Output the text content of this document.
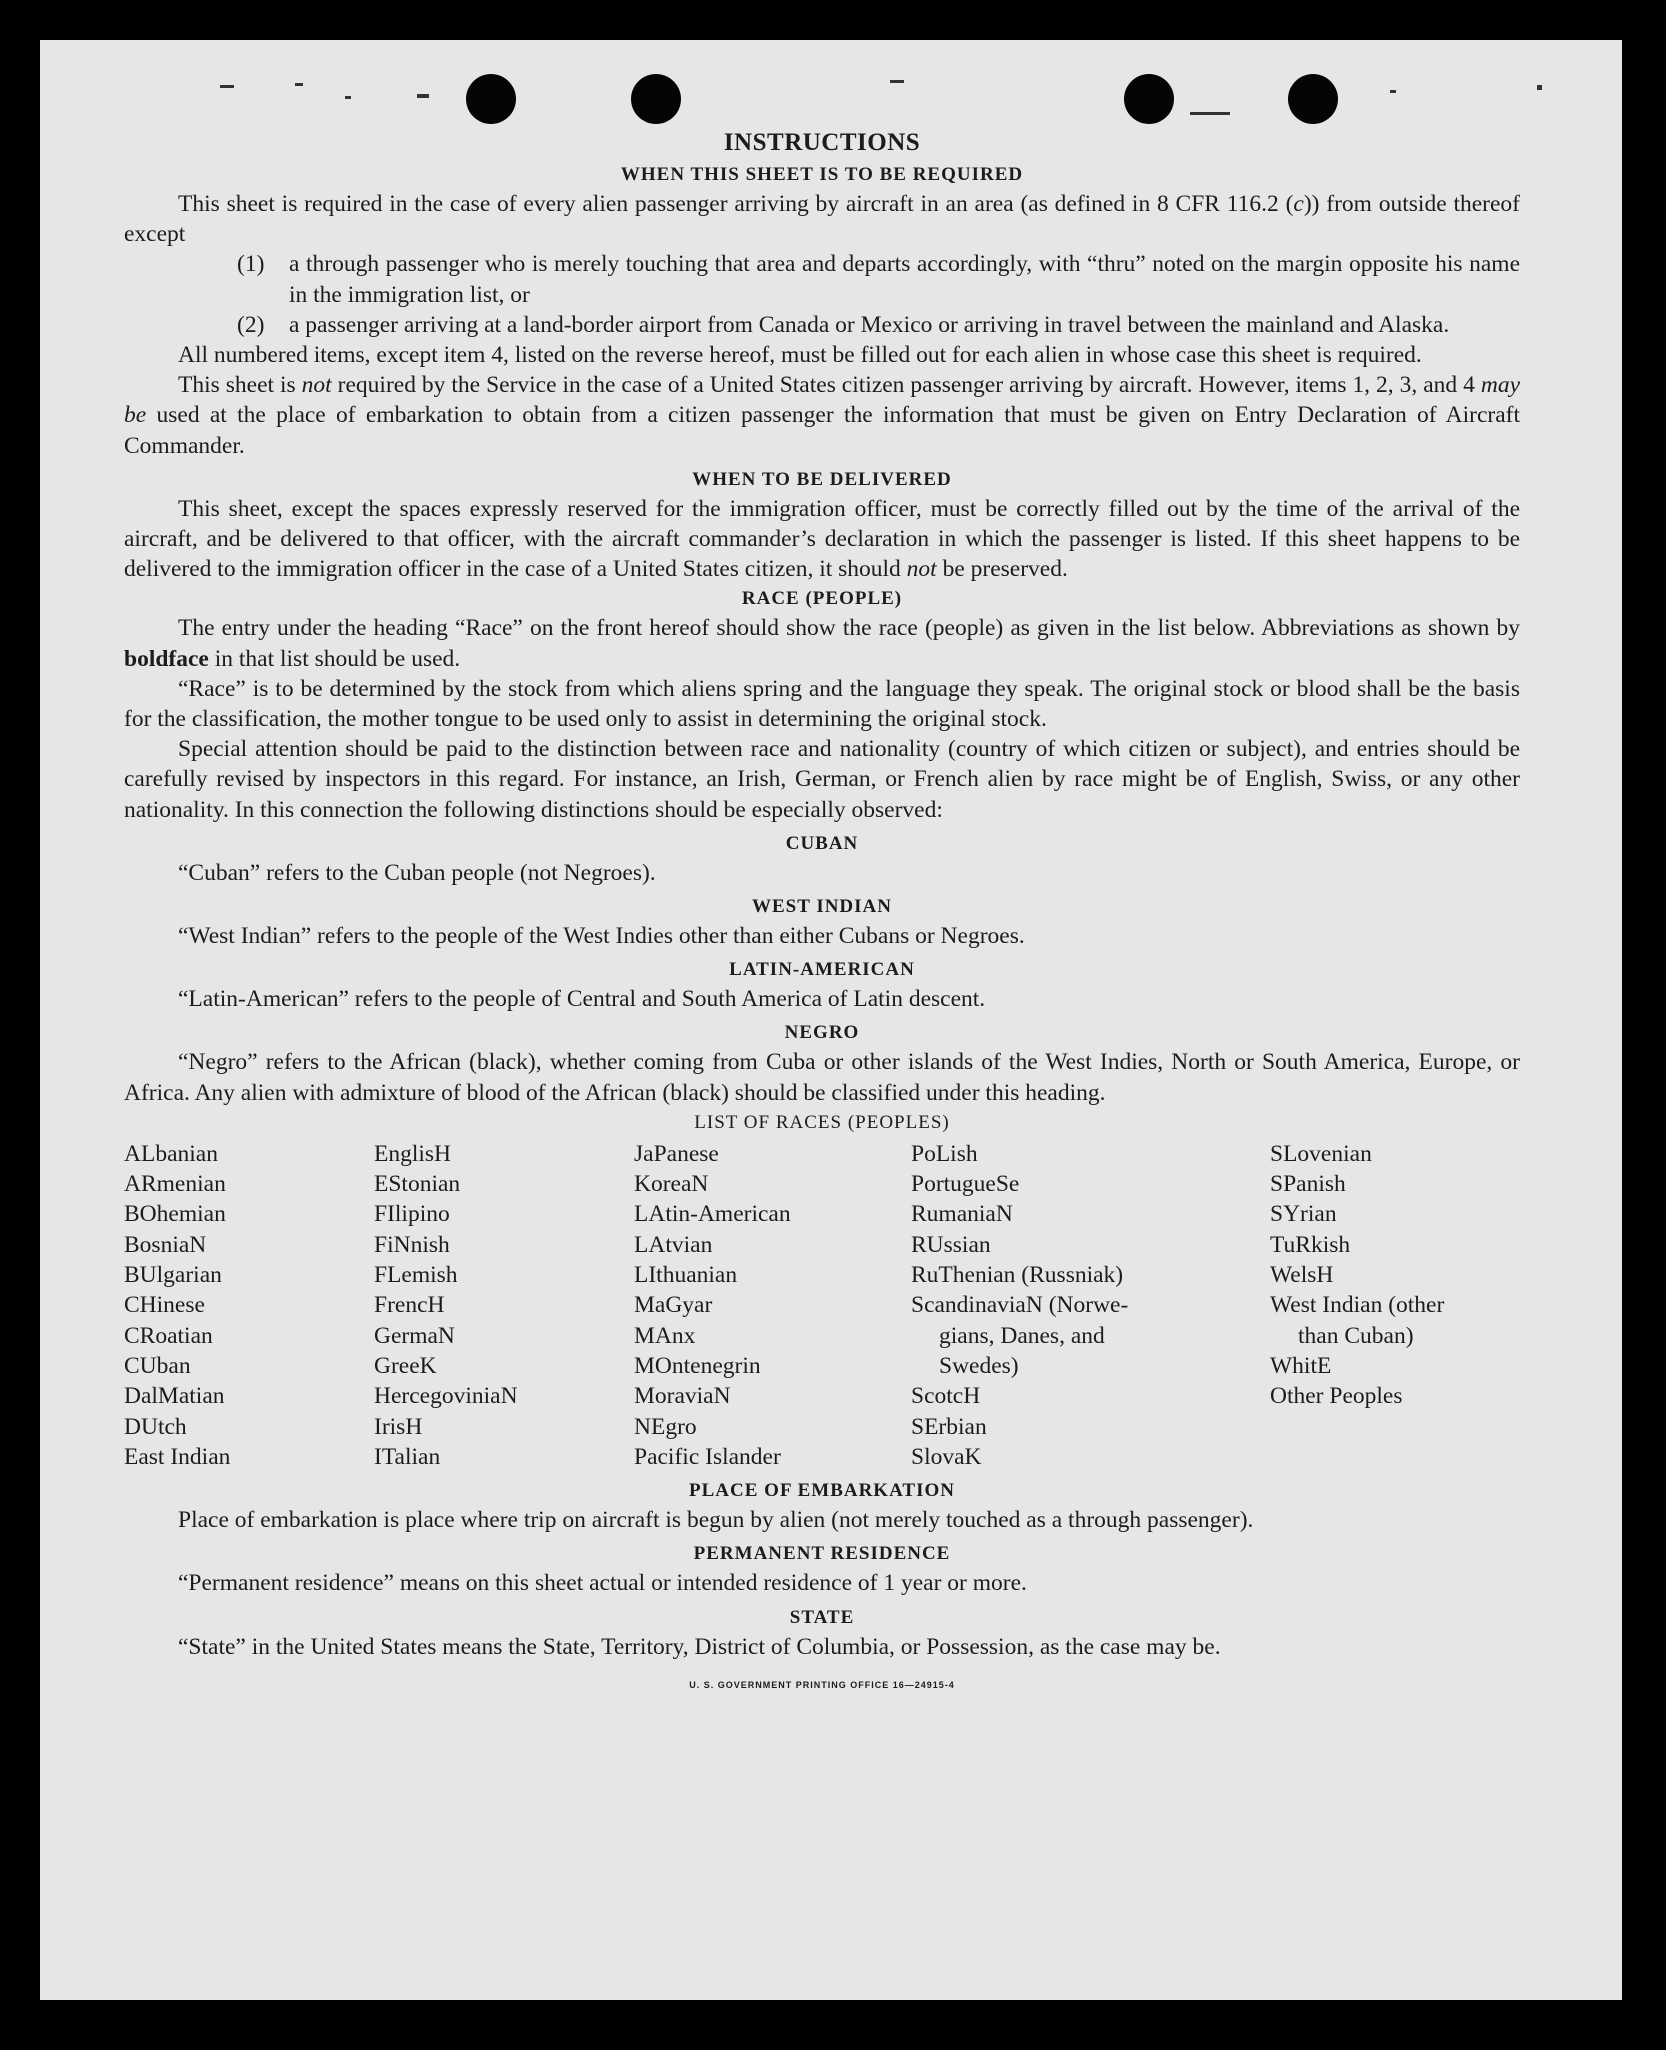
INSTRUCTIONS
WHEN THIS SHEET IS TO BE REQUIRED

This sheet is required in the case of every alien passenger arriving by aircraft in an area (as defined in 8 CFR 116.2 (c)) from outside thereof except

(1)	a through passenger who is merely touching that area and departs accordingly, with “thru” noted on the margin opposite his name in the immigration list, or
(2)	a passenger arriving at a land-border airport from Canada or Mexico or arriving in travel between the mainland and Alaska.

All numbered items, except item 4, listed on the reverse hereof, must be filled out for each alien in whose case this sheet is required.

This sheet is not required by the Service in the case of a United States citizen passenger arriving by aircraft. However, items 1, 2, 3, and 4 may be used at the place of embarkation to obtain from a citizen passenger the information that must be given on Entry Declaration of Aircraft Commander.

WHEN TO BE DELIVERED

This sheet, except the spaces expressly reserved for the immigration officer, must be correctly filled out by the time of the arrival of the aircraft, and be delivered to that officer, with the aircraft commander’s declaration in which the passenger is listed. If this sheet happens to be delivered to the immigration officer in the case of a United States citizen, it should not be preserved.

RACE (PEOPLE)

The entry under the heading “Race” on the front hereof should show the race (people) as given in the list below. Abbreviations as shown by boldface in that list should be used.

“Race” is to be determined by the stock from which aliens spring and the language they speak. The original stock or blood shall be the basis for the classification, the mother tongue to be used only to assist in determining the original stock.

Special attention should be paid to the distinction between race and nationality (country of which citizen or subject), and entries should be carefully revised by inspectors in this regard. For instance, an Irish, German, or French alien by race might be of English, Swiss, or any other nationality. In this connection the following distinctions should be especially observed:

CUBAN

“Cuban” refers to the Cuban people (not Negroes).

WEST INDIAN

“West Indian” refers to the people of the West Indies other than either Cubans or Negroes.

LATIN-AMERICAN

“Latin-American” refers to the people of Central and South America of Latin descent.

NEGRO

“Negro” refers to the African (black), whether coming from Cuba or other islands of the West Indies, North or South America, Europe, or Africa. Any alien with admixture of blood of the African (black) should be classified under this heading.

LIST OF RACES (PEOPLES)
ALbanian	EnglisH	JaPanese	PoLish	SLovenian
ARmenian	EStonian	KoreaN	PortugueSe	SPanish
BOhemian	FIlipino	LAtin-American	RumaniaN	SYrian
BosniaN	FiNnish	LAtvian	RUssian	TuRkish
BUlgarian	FLemish	LIthuanian	RuThenian (Russniak)	WelsH
CHinese	FrencH	MaGyar	ScandinaviaN (Norwe-	West Indian (other
CRoatian	GermaN	MAnx	gians, Danes, and	than Cuban)
CUban	GreeK	MOntenegrin	Swedes)	WhitE
DalMatian	HercegoviniaN	MoraviaN	ScotcH	Other Peoples
DUtch	IrisH	NEgro	SErbian
East Indian	ITalian	Pacific Islander	SlovaK
PLACE OF EMBARKATION

Place of embarkation is place where trip on aircraft is begun by alien (not merely touched as a through passenger).

PERMANENT RESIDENCE

“Permanent residence” means on this sheet actual or intended residence of 1 year or more.

STATE

“State” in the United States means the State, Territory, District of Columbia, or Possession, as the case may be.

U. S. GOVERNMENT PRINTING OFFICE 16—24915‑4
